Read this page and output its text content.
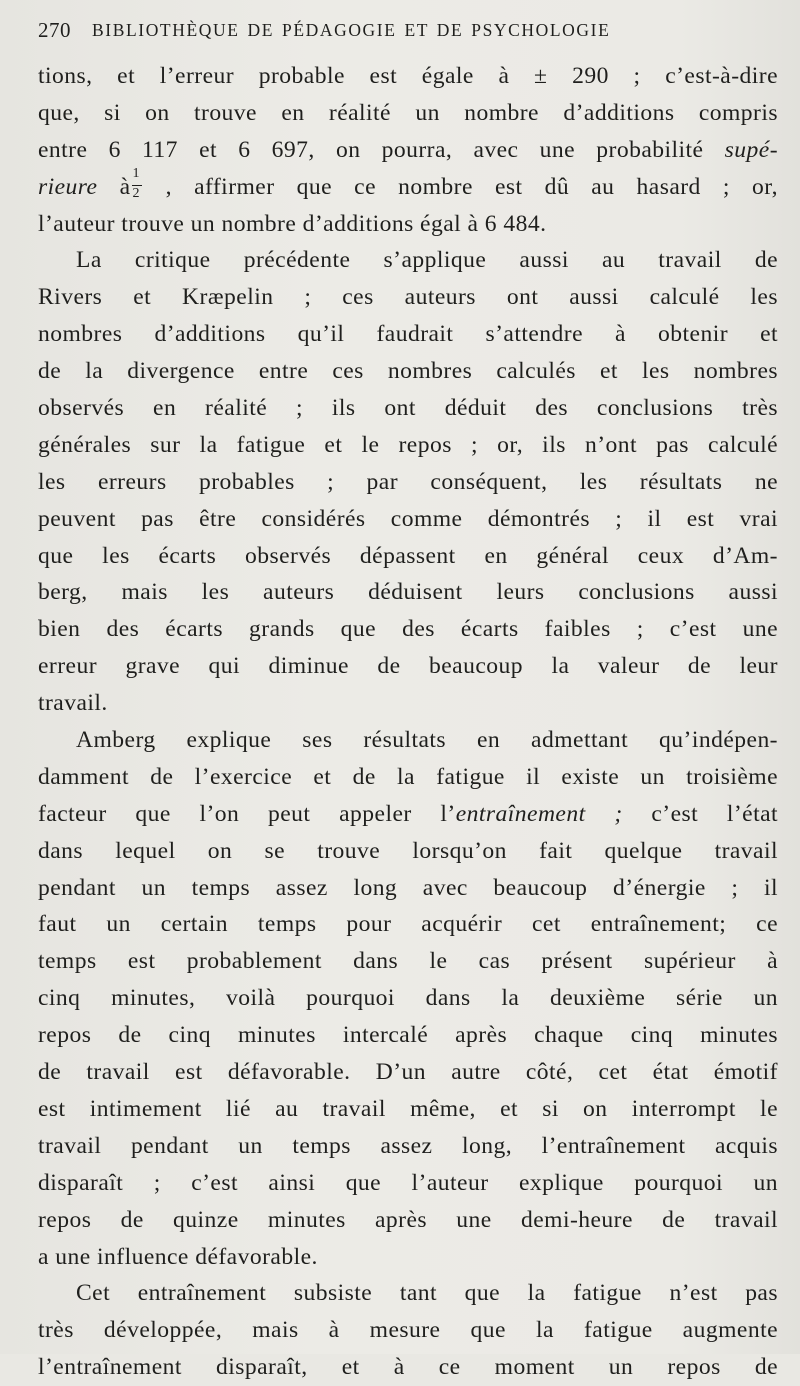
270 BIBLIOTHÈQUE DE PÉDAGOGIE ET DE PSYCHOLOGIE
tions, et l’erreur probable est égale à ± 290 ; c’est-à-dire
que, si on trouve en réalité un nombre d’additions compris
entre 6 117 et 6 697, on pourra, avec une probabilité supé-
rieure à $\frac{1}{2}$ , affirmer que ce nombre est dû au hasard ; or,
l’auteur trouve un nombre d’additions égal à 6 484.
La critique précédente s’applique aussi au travail de
Rivers et Kræpelin ; ces auteurs ont aussi calculé les
nombres d’additions qu’il faudrait s’attendre à obtenir et
de la divergence entre ces nombres calculés et les nombres
observés en réalité ; ils ont déduit des conclusions très
générales sur la fatigue et le repos ; or, ils n’ont pas calculé
les erreurs probables ; par conséquent, les résultats ne
peuvent pas être considérés comme démontrés ; il est vrai
que les écarts observés dépassent en général ceux d’Am-
berg, mais les auteurs déduisent leurs conclusions aussi
bien des écarts grands que des écarts faibles ; c’est une
erreur grave qui diminue de beaucoup la valeur de leur
travail.
Amberg explique ses résultats en admettant qu’indépen-
damment de l’exercice et de la fatigue il existe un troisième
facteur que l’on peut appeler l’entraînement ; c’est l’état
dans lequel on se trouve lorsqu’on fait quelque travail
pendant un temps assez long avec beaucoup d’énergie ; il
faut un certain temps pour acquérir cet entraînement; ce
temps est probablement dans le cas présent supérieur à
cinq minutes, voilà pourquoi dans la deuxième série un
repos de cinq minutes intercalé après chaque cinq minutes
de travail est défavorable. D’un autre côté, cet état émotif
est intimement lié au travail même, et si on interrompt le
travail pendant un temps assez long, l’entraînement acquis
disparaît ; c’est ainsi que l’auteur explique pourquoi un
repos de quinze minutes après une demi-heure de travail
a une influence défavorable.
Cet entraînement subsiste tant que la fatigue n’est pas
très développée, mais à mesure que la fatigue augmente
l’entraînement disparaît, et à ce moment un repos de
